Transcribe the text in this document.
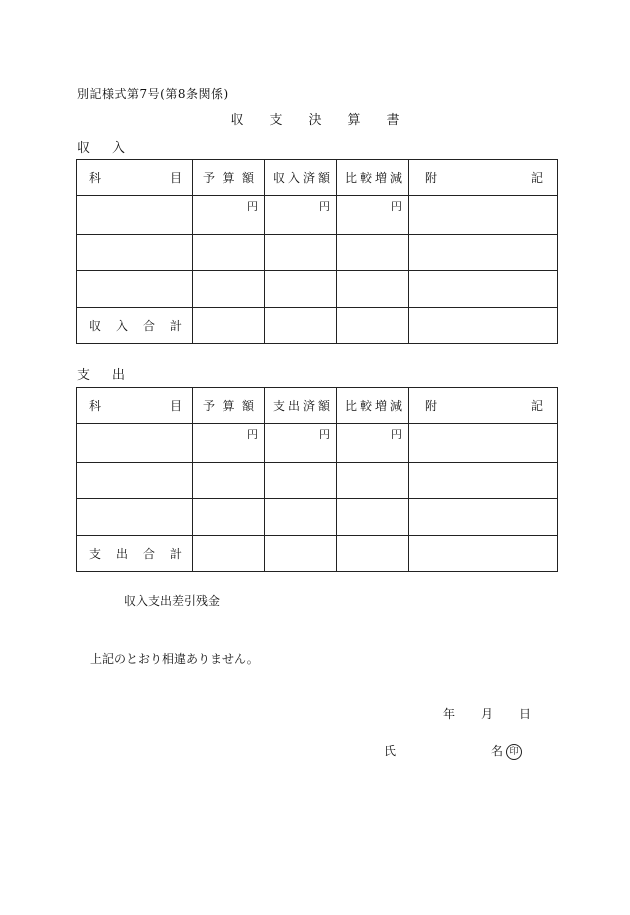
別記様式第7号(第8条関係)
収 支 決 算 書
収 入
科 目	予 算 額	収 入 済 額	比 較 増 減	附 記

	円	円	円	

収 入 合 計				

支 出
科 目	予 算 額	支 出 済 額	比 較 増 減	附 記

	円	円	円	

支 出 合 計				

収入支出差引残金
上記のとおり相違ありません。
年 月 日
氏	名 印
